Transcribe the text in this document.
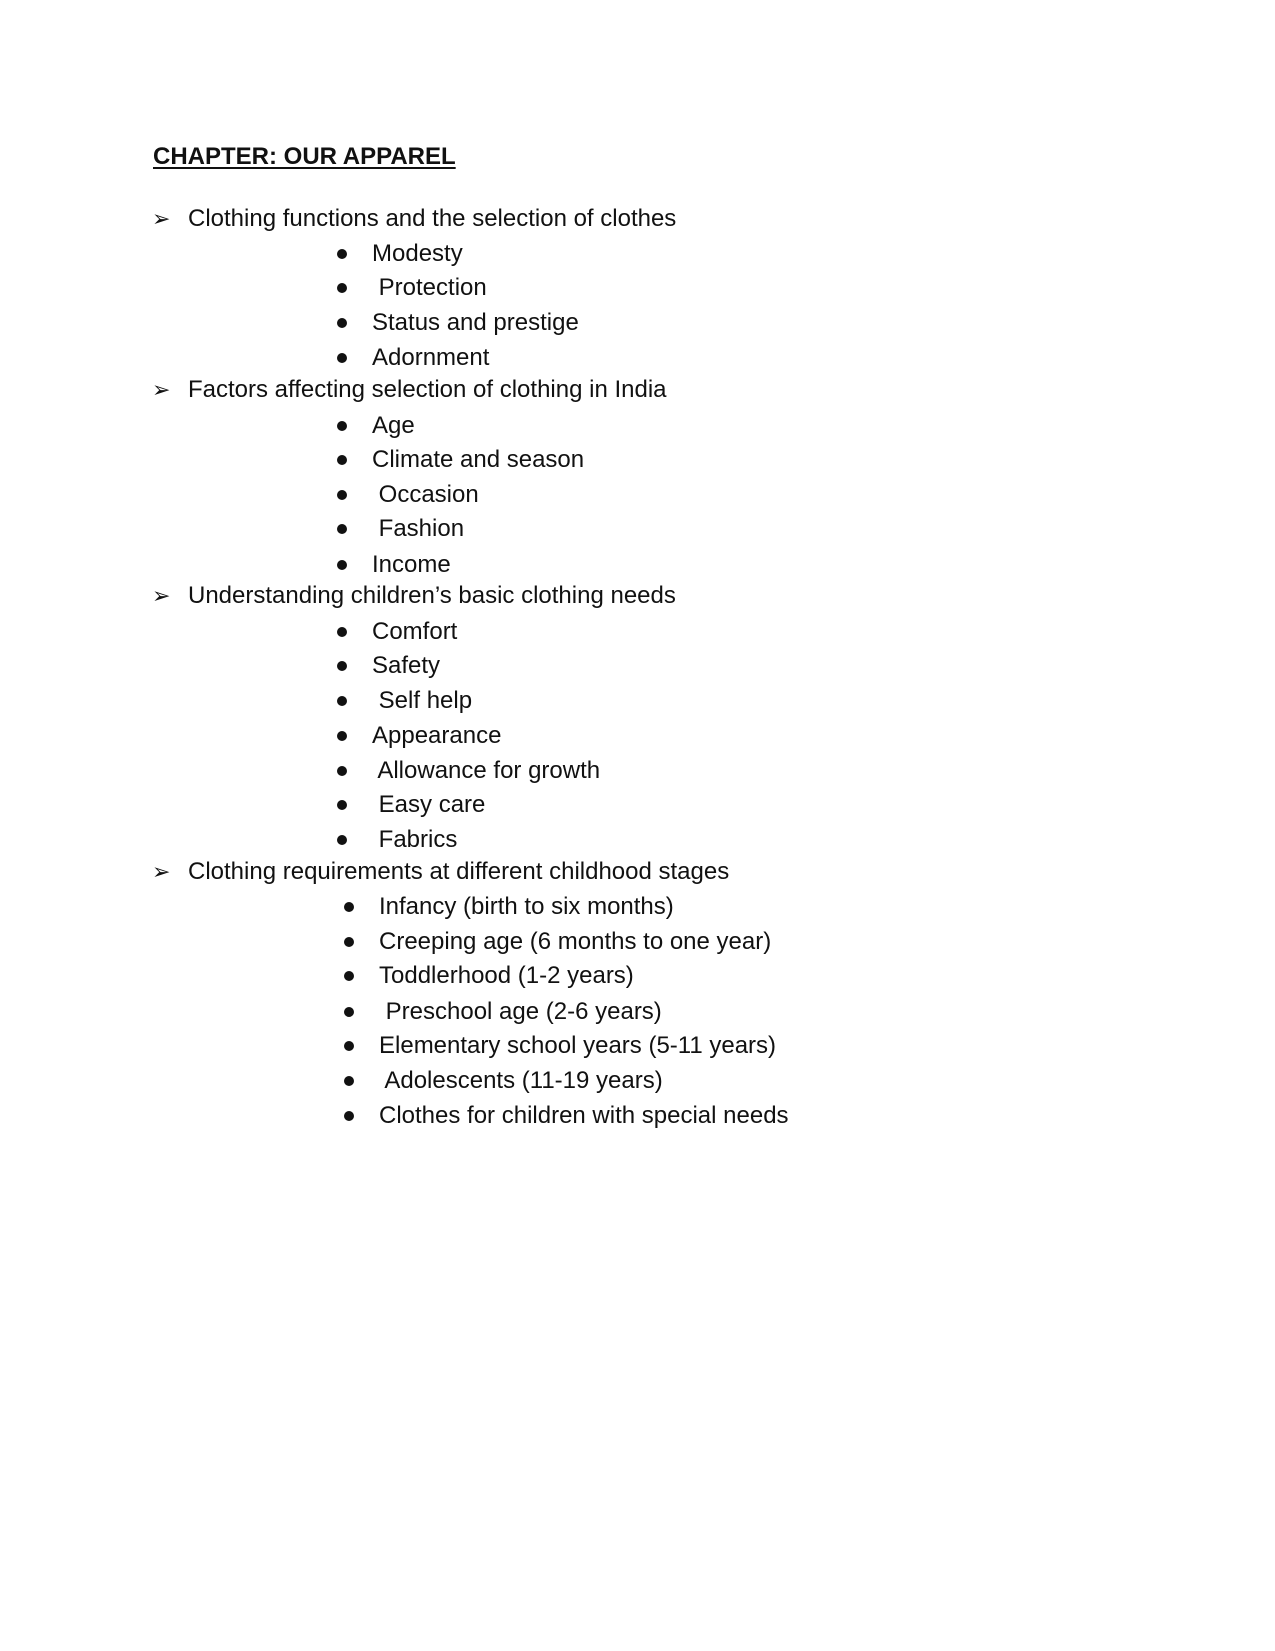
CHAPTER: OUR APPAREL
➢ Clothing functions and the selection of clothes
Modesty
Protection
Status and prestige
Adornment
➢ Factors affecting selection of clothing in India
Age
Climate and season
Occasion
Fashion
Income
➢ Understanding children’s basic clothing needs
Comfort
Safety
Self help
Appearance
Allowance for growth
Easy care
Fabrics
➢ Clothing requirements at different childhood stages
Infancy (birth to six months)
Creeping age (6 months to one year)
Toddlerhood (1-2 years)
Preschool age (2-6 years)
Elementary school years (5-11 years)
Adolescents (11-19 years)
Clothes for children with special needs
